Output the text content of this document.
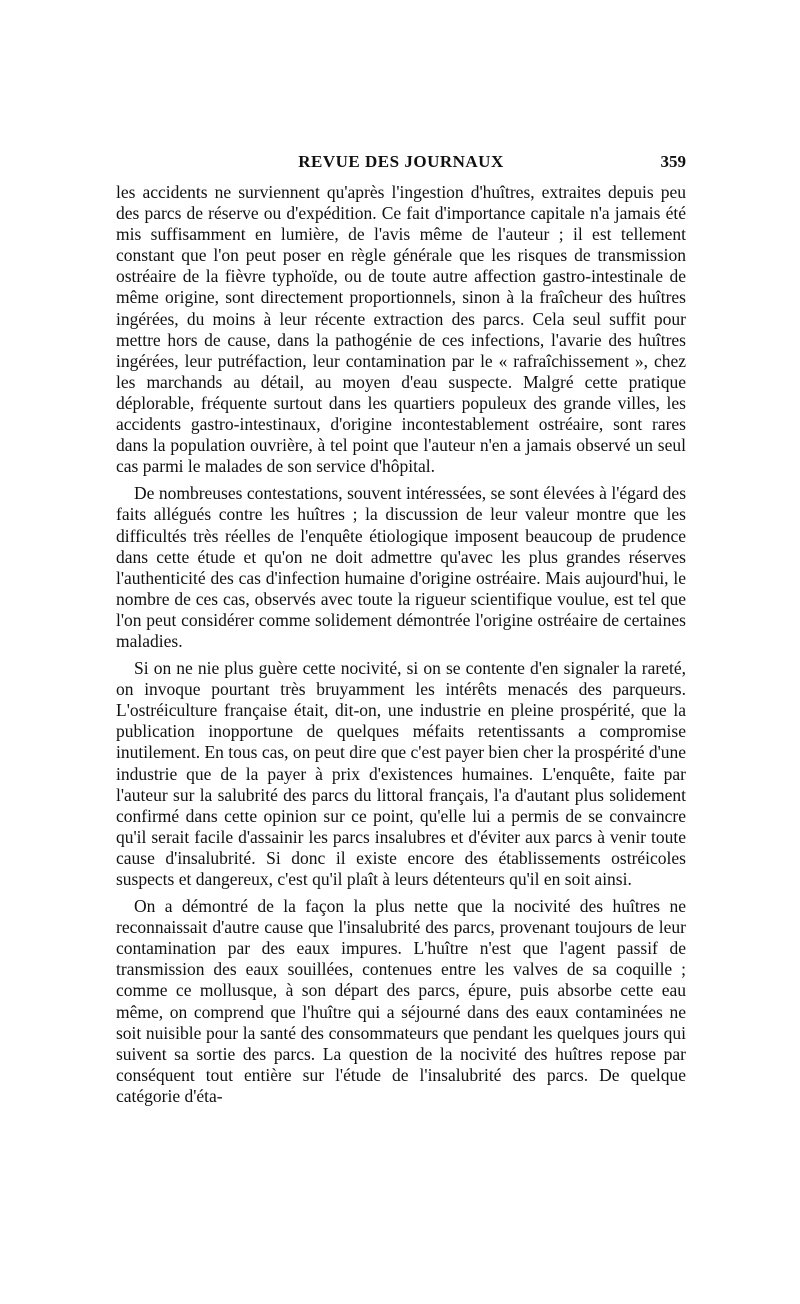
REVUE DES JOURNAUX	359

les accidents ne surviennent qu'après l'ingestion d'huîtres, extraites depuis peu des parcs de réserve ou d'expédition. Ce fait d'importance capitale n'a jamais été mis suffisamment en lumière, de l'avis même de l'auteur ; il est tellement constant que l'on peut poser en règle générale que les risques de transmission ostréaire de la fièvre typhoïde, ou de toute autre affection gastro-intestinale de même origine, sont directement proportionnels, sinon à la fraîcheur des huîtres ingérées, du moins à leur récente extraction des parcs. Cela seul suffit pour mettre hors de cause, dans la pathogénie de ces infections, l'avarie des huîtres ingérées, leur putréfaction, leur contamination par le « rafraîchissement », chez les marchands au détail, au moyen d'eau suspecte. Malgré cette pratique déplorable, fréquente surtout dans les quartiers populeux des grande villes, les accidents gastro-intestinaux, d'origine incontestablement ostréaire, sont rares dans la population ouvrière, à tel point que l'auteur n'en a jamais observé un seul cas parmi le malades de son service d'hôpital.

De nombreuses contestations, souvent intéressées, se sont élevées à l'égard des faits allégués contre les huîtres ; la discussion de leur valeur montre que les difficultés très réelles de l'enquête étiologique imposent beaucoup de prudence dans cette étude et qu'on ne doit admettre qu'avec les plus grandes réserves l'authenticité des cas d'infection humaine d'origine ostréaire. Mais aujourd'hui, le nombre de ces cas, observés avec toute la rigueur scientifique voulue, est tel que l'on peut considérer comme solidement démontrée l'origine ostréaire de certaines maladies.

Si on ne nie plus guère cette nocivité, si on se contente d'en signaler la rareté, on invoque pourtant très bruyamment les intérêts menacés des parqueurs. L'ostréiculture française était, dit-on, une industrie en pleine prospérité, que la publication inopportune de quelques méfaits retentissants a compromise inutilement. En tous cas, on peut dire que c'est payer bien cher la prospérité d'une industrie que de la payer à prix d'existences humaines. L'enquête, faite par l'auteur sur la salubrité des parcs du littoral français, l'a d'autant plus solidement confirmé dans cette opinion sur ce point, qu'elle lui a permis de se convaincre qu'il serait facile d'assainir les parcs insalubres et d'éviter aux parcs à venir toute cause d'insalubrité. Si donc il existe encore des établissements ostréicoles suspects et dangereux, c'est qu'il plaît à leurs détenteurs qu'il en soit ainsi.

On a démontré de la façon la plus nette que la nocivité des huîtres ne reconnaissait d'autre cause que l'insalubrité des parcs, provenant toujours de leur contamination par des eaux impures. L'huître n'est que l'agent passif de transmission des eaux souillées, contenues entre les valves de sa coquille ; comme ce mollusque, à son départ des parcs, épure, puis absorbe cette eau même, on comprend que l'huître qui a séjourné dans des eaux contaminées ne soit nuisible pour la santé des consommateurs que pendant les quelques jours qui suivent sa sortie des parcs. La question de la nocivité des huîtres repose par conséquent tout entière sur l'étude de l'insalubrité des parcs. De quelque catégorie d'éta-
